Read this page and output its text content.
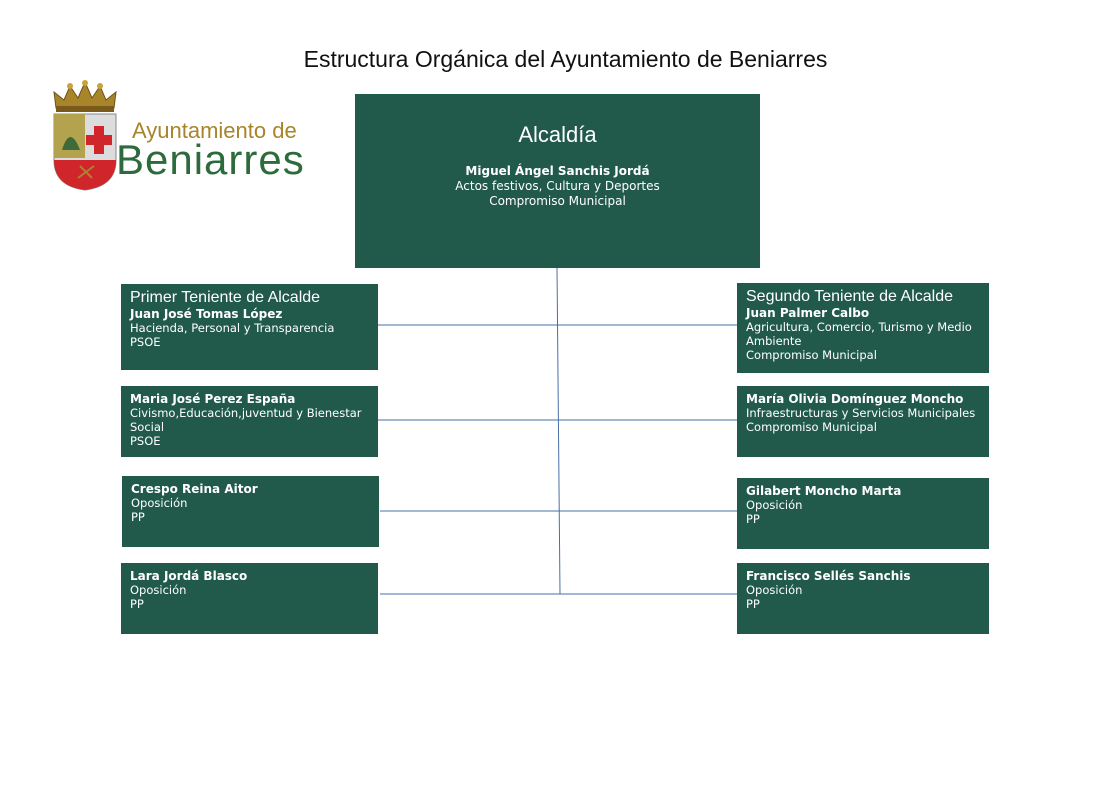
Estructura Orgánica del Ayuntamiento de Beniarres
Ayuntamiento de
Beniarres
Alcaldía
Miguel Ángel Sanchis Jordá
Actos festivos, Cultura y Deportes
Compromiso Municipal
Primer Teniente de Alcalde
Juan José Tomas López
Hacienda, Personal y Transparencia
PSOE
Maria José Perez España
Civismo,Educación,juventud y Bienestar
Social
PSOE
Crespo Reina Aitor
Oposición
PP
Lara Jordá Blasco
Oposición
PP
Segundo Teniente de Alcalde
Juan Palmer Calbo
Agricultura, Comercio, Turismo y Medio
Ambiente
Compromiso Municipal
María Olivia Domínguez Moncho
Infraestructuras y Servicios Municipales
Compromiso Municipal
Gilabert Moncho Marta
Oposición
PP
Francisco Sellés Sanchis
Oposición
PP
